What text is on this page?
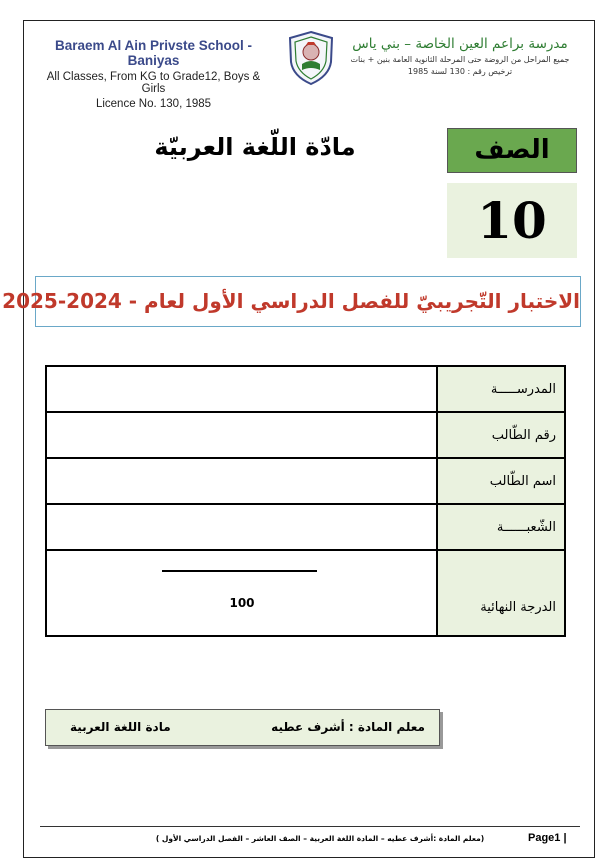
Baraem Al Ain Privste School - Baniyas
All Classes, From KG to Grade12, Boys & Girls
Licence No. 130, 1985
مدرسة براعم العين الخاصة – بني ياس
جميع المراحل من الروضة حتى المرحلة الثانوية العامة بنين + بنات
ترخيص رقم : 130 لسنة 1985
مادّة اللّغة العربيّة	الصف
10
الاختبار التّجريبيّ للفصل الدراسي الأول لعام - 2024-2025
المدرســـــة
رقم الطّالب
اسم الطّالب
الشّعبــــــة
100	الدرجة النهائية
معلم المادة : أشرف عطيه
مادة اللغة العربية
(معلم المادة :أشرف عطيه – المادة اللغة العربية – الصف العاشر – الفصل الدراسي الأول )	Page1 |
